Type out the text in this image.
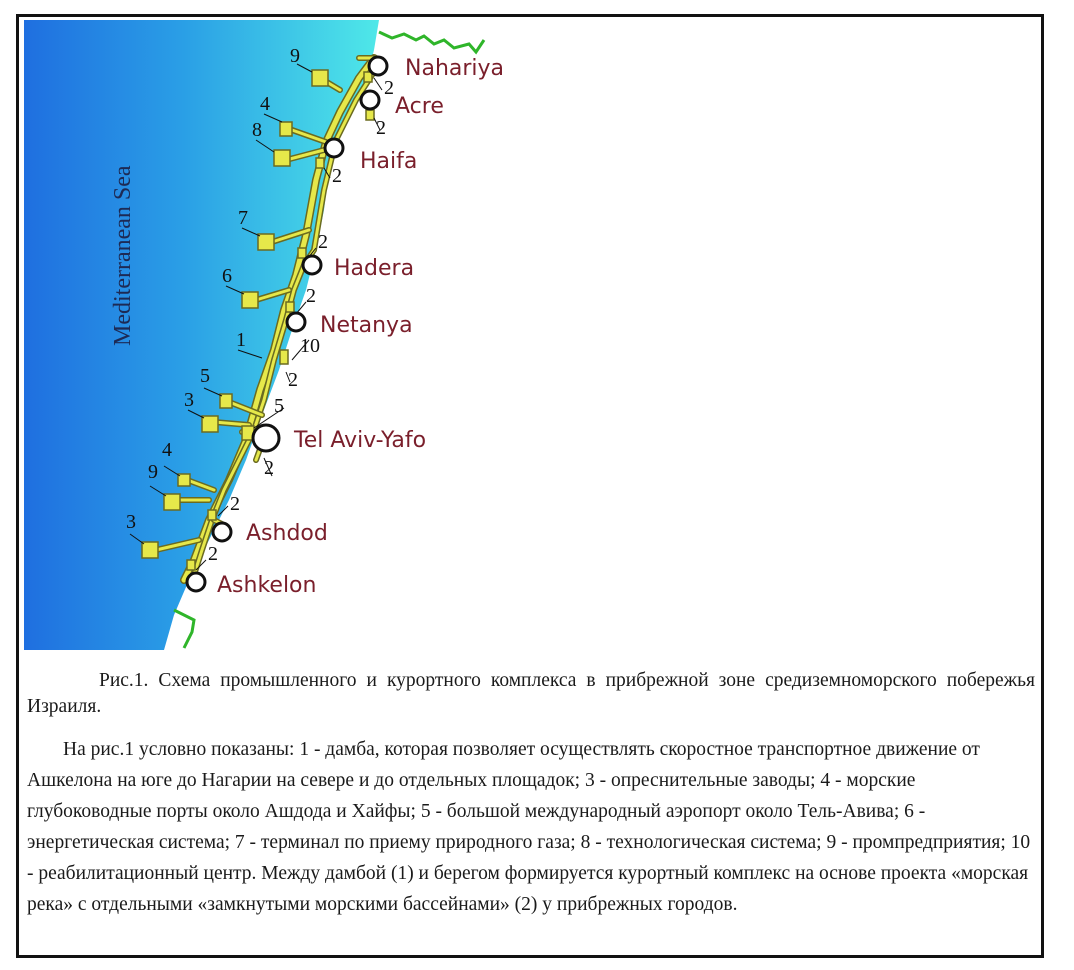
Mediterranean Sea
9
4
8
7
6
1	10
2
5
3	5
4
9
3
Nahariya
2
Acre
2
Haifa
2
Hadera
2
Netanya
2
Tel Aviv-Yafo
2
Ashdod
2
Ashkelon
2
Рис.1. Схема промышленного и курортного комплекса в прибрежной зоне средиземноморского побережья Израиля.
На рис.1 условно показаны: 1 - дамба, которая позволяет осуществлять скоростное транспортное движение от Ашкелона на юге до Нагарии на севере и до отдельных площадок; 3 - опреснительные заводы; 4 - морские глубоководные порты около Ашдода и Хайфы; 5 - большой международный аэропорт около Тель-Авива; 6 - энергетическая система; 7 - терминал по приему природного газа; 8 - технологическая система; 9 - промпредприятия; 10 - реабилитационный центр. Между дамбой (1) и берегом формируется курортный комплекс на основе проекта «морская река» с отдельными «замкнутыми морскими бассейнами» (2) у прибрежных городов.
